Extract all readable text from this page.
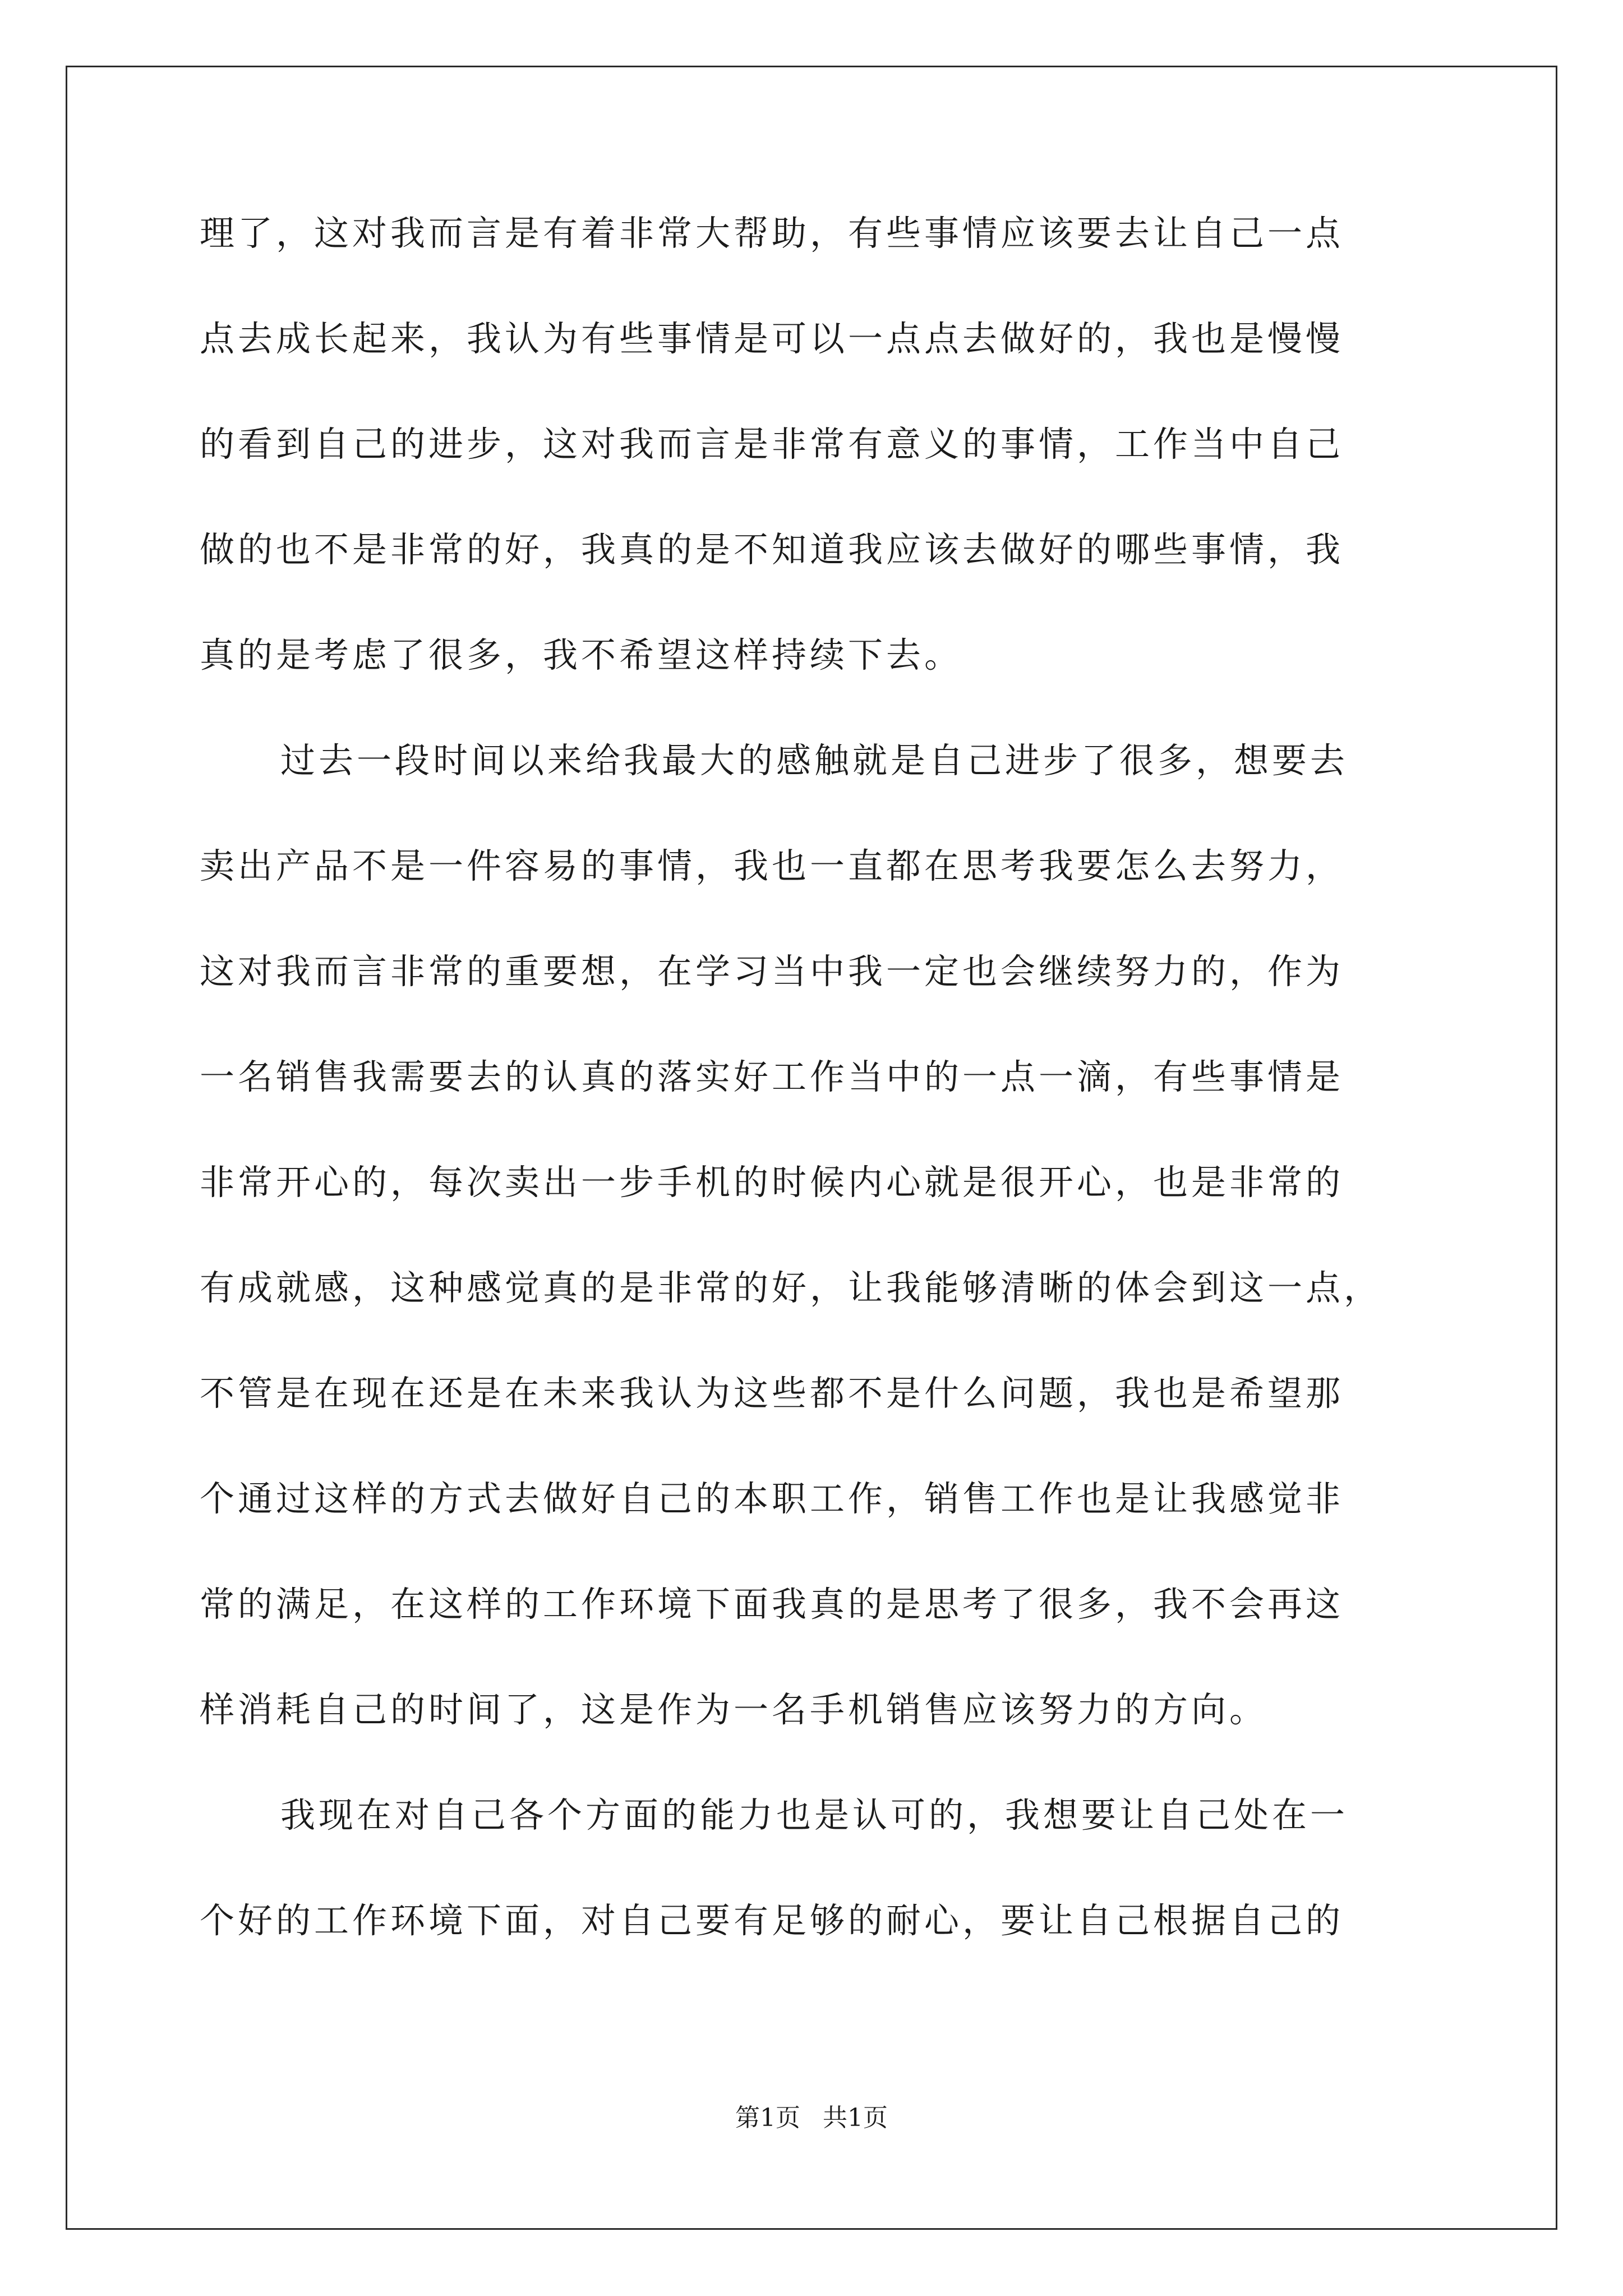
理了，这对我而言是有着非常大帮助，有些事情应该要去让自己一点
点去成长起来，我认为有些事情是可以一点点去做好的，我也是慢慢
的看到自己的进步，这对我而言是非常有意义的事情，工作当中自己
做的也不是非常的好，我真的是不知道我应该去做好的哪些事情，我
真的是考虑了很多，我不希望这样持续下去。
过去一段时间以来给我最大的感触就是自己进步了很多，想要去
卖出产品不是一件容易的事情，我也一直都在思考我要怎么去努力，
这对我而言非常的重要想，在学习当中我一定也会继续努力的，作为
一名销售我需要去的认真的落实好工作当中的一点一滴，有些事情是
非常开心的，每次卖出一步手机的时候内心就是很开心，也是非常的
有成就感，这种感觉真的是非常的好，让我能够清晰的体会到这一点，
不管是在现在还是在未来我认为这些都不是什么问题，我也是希望那
个通过这样的方式去做好自己的本职工作，销售工作也是让我感觉非
常的满足，在这样的工作环境下面我真的是思考了很多，我不会再这
样消耗自己的时间了，这是作为一名手机销售应该努力的方向。
我现在对自己各个方面的能力也是认可的，我想要让自己处在一
个好的工作环境下面，对自己要有足够的耐心，要让自己根据自己的
第1页 共1页
